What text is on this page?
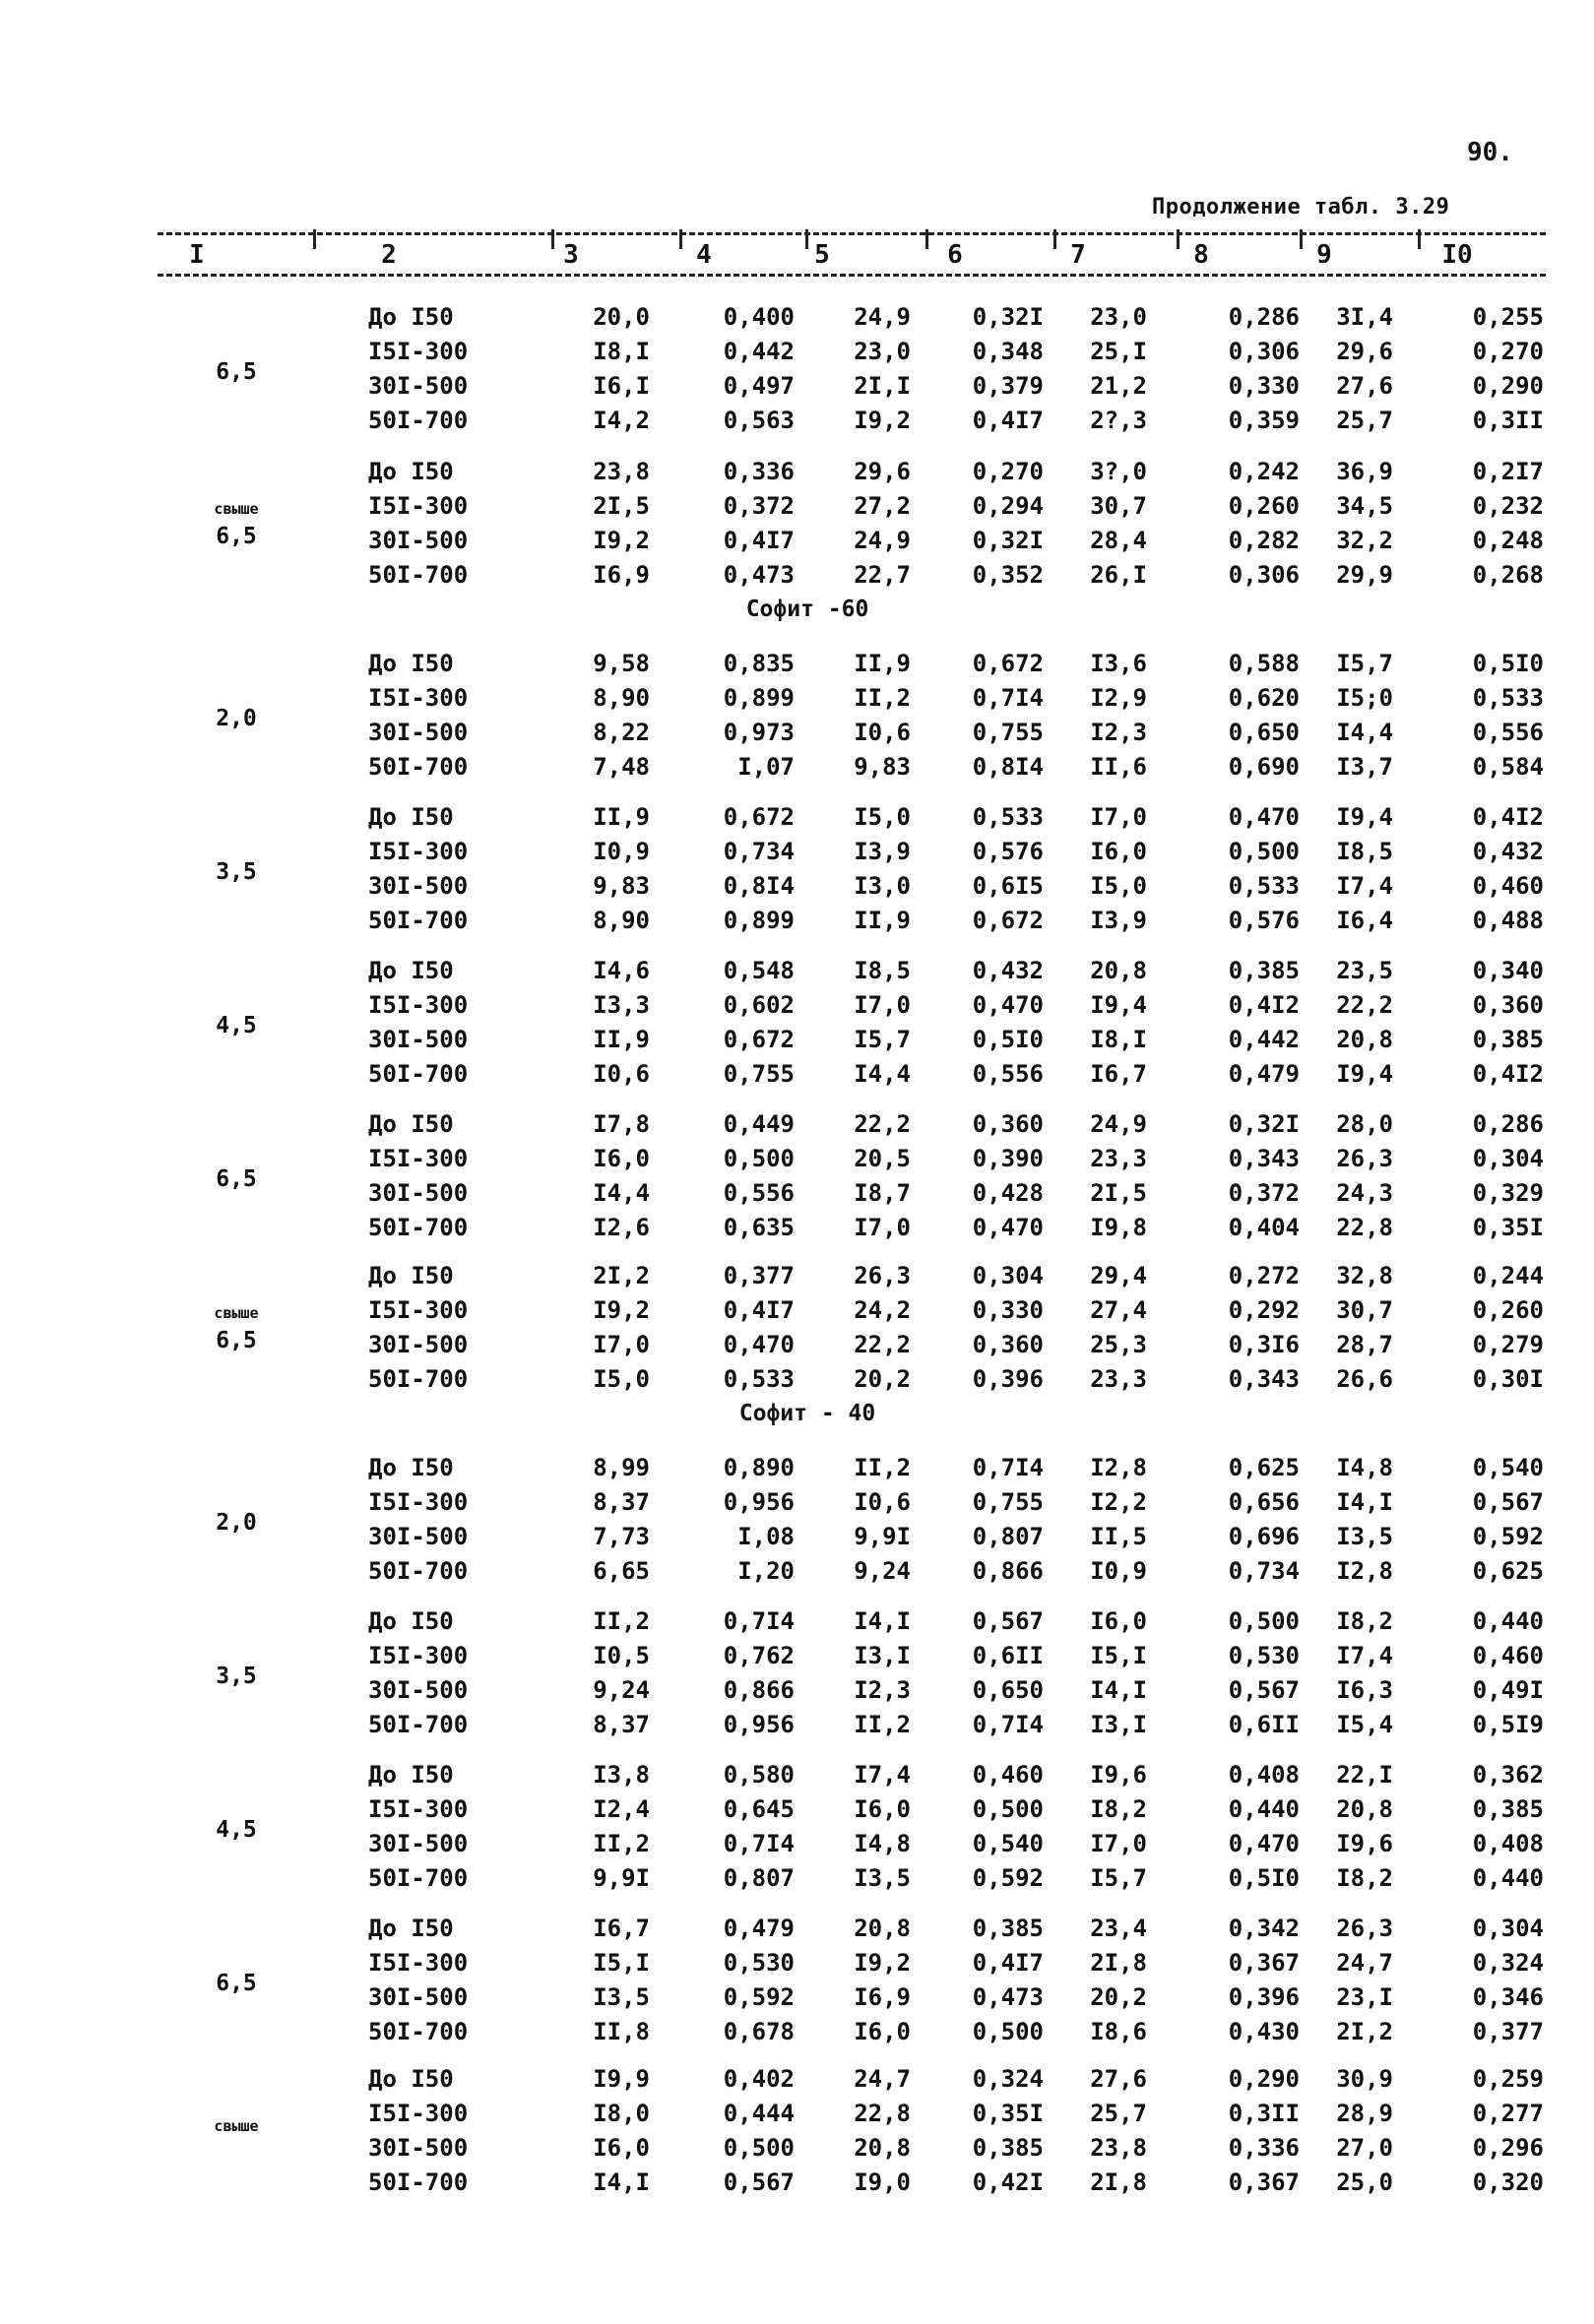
90.
Продолжение табл. 3.29
I	2	3	4	5	6	7	8	9	I0
6,5
До I50	20,0	0,400	24,9	0,32I	23,0	0,286	3I,4	0,255
I5I-300	I8,I	0,442	23,0	0,348	25,I	0,306	29,6	0,270
30I-500	I6,I	0,497	2I,I	0,379	21,2	0,330	27,6	0,290
50I-700	I4,2	0,563	I9,2	0,4I7	2?,3	0,359	25,7	0,3II
свыше
6,5
До I50	23,8	0,336	29,6	0,270	3?,0	0,242	36,9	0,2I7
I5I-300	2I,5	0,372	27,2	0,294	30,7	0,260	34,5	0,232
30I-500	I9,2	0,4I7	24,9	0,32I	28,4	0,282	32,2	0,248
50I-700	I6,9	0,473	22,7	0,352	26,I	0,306	29,9	0,268
Софит -60
2,0
До I50	9,58	0,835	II,9	0,672	I3,6	0,588	I5,7	0,5I0
I5I-300	8,90	0,899	II,2	0,7I4	I2,9	0,620	I5;0	0,533
30I-500	8,22	0,973	I0,6	0,755	I2,3	0,650	I4,4	0,556
50I-700	7,48	I,07	9,83	0,8I4	II,6	0,690	I3,7	0,584
3,5
До I50	II,9	0,672	I5,0	0,533	I7,0	0,470	I9,4	0,4I2
I5I-300	I0,9	0,734	I3,9	0,576	I6,0	0,500	I8,5	0,432
30I-500	9,83	0,8I4	I3,0	0,6I5	I5,0	0,533	I7,4	0,460
50I-700	8,90	0,899	II,9	0,672	I3,9	0,576	I6,4	0,488
4,5
До I50	I4,6	0,548	I8,5	0,432	20,8	0,385	23,5	0,340
I5I-300	I3,3	0,602	I7,0	0,470	I9,4	0,4I2	22,2	0,360
30I-500	II,9	0,672	I5,7	0,5I0	I8,I	0,442	20,8	0,385
50I-700	I0,6	0,755	I4,4	0,556	I6,7	0,479	I9,4	0,4I2
6,5
До I50	I7,8	0,449	22,2	0,360	24,9	0,32I	28,0	0,286
I5I-300	I6,0	0,500	20,5	0,390	23,3	0,343	26,3	0,304
30I-500	I4,4	0,556	I8,7	0,428	2I,5	0,372	24,3	0,329
50I-700	I2,6	0,635	I7,0	0,470	I9,8	0,404	22,8	0,35I
свыше
6,5
До I50	2I,2	0,377	26,3	0,304	29,4	0,272	32,8	0,244
I5I-300	I9,2	0,4I7	24,2	0,330	27,4	0,292	30,7	0,260
30I-500	I7,0	0,470	22,2	0,360	25,3	0,3I6	28,7	0,279
50I-700	I5,0	0,533	20,2	0,396	23,3	0,343	26,6	0,30I
Софит - 40
2,0
До I50	8,99	0,890	II,2	0,7I4	I2,8	0,625	I4,8	0,540
I5I-300	8,37	0,956	I0,6	0,755	I2,2	0,656	I4,I	0,567
30I-500	7,73	I,08	9,9I	0,807	II,5	0,696	I3,5	0,592
50I-700	6,65	I,20	9,24	0,866	I0,9	0,734	I2,8	0,625
3,5
До I50	II,2	0,7I4	I4,I	0,567	I6,0	0,500	I8,2	0,440
I5I-300	I0,5	0,762	I3,I	0,6II	I5,I	0,530	I7,4	0,460
30I-500	9,24	0,866	I2,3	0,650	I4,I	0,567	I6,3	0,49I
50I-700	8,37	0,956	II,2	0,7I4	I3,I	0,6II	I5,4	0,5I9
4,5
До I50	I3,8	0,580	I7,4	0,460	I9,6	0,408	22,I	0,362
I5I-300	I2,4	0,645	I6,0	0,500	I8,2	0,440	20,8	0,385
30I-500	II,2	0,7I4	I4,8	0,540	I7,0	0,470	I9,6	0,408
50I-700	9,9I	0,807	I3,5	0,592	I5,7	0,5I0	I8,2	0,440
6,5
До I50	I6,7	0,479	20,8	0,385	23,4	0,342	26,3	0,304
I5I-300	I5,I	0,530	I9,2	0,4I7	2I,8	0,367	24,7	0,324
30I-500	I3,5	0,592	I6,9	0,473	20,2	0,396	23,I	0,346
50I-700	II,8	0,678	I6,0	0,500	I8,6	0,430	2I,2	0,377
свыше
До I50	I9,9	0,402	24,7	0,324	27,6	0,290	30,9	0,259
I5I-300	I8,0	0,444	22,8	0,35I	25,7	0,3II	28,9	0,277
30I-500	I6,0	0,500	20,8	0,385	23,8	0,336	27,0	0,296
50I-700	I4,I	0,567	I9,0	0,42I	2I,8	0,367	25,0	0,320
